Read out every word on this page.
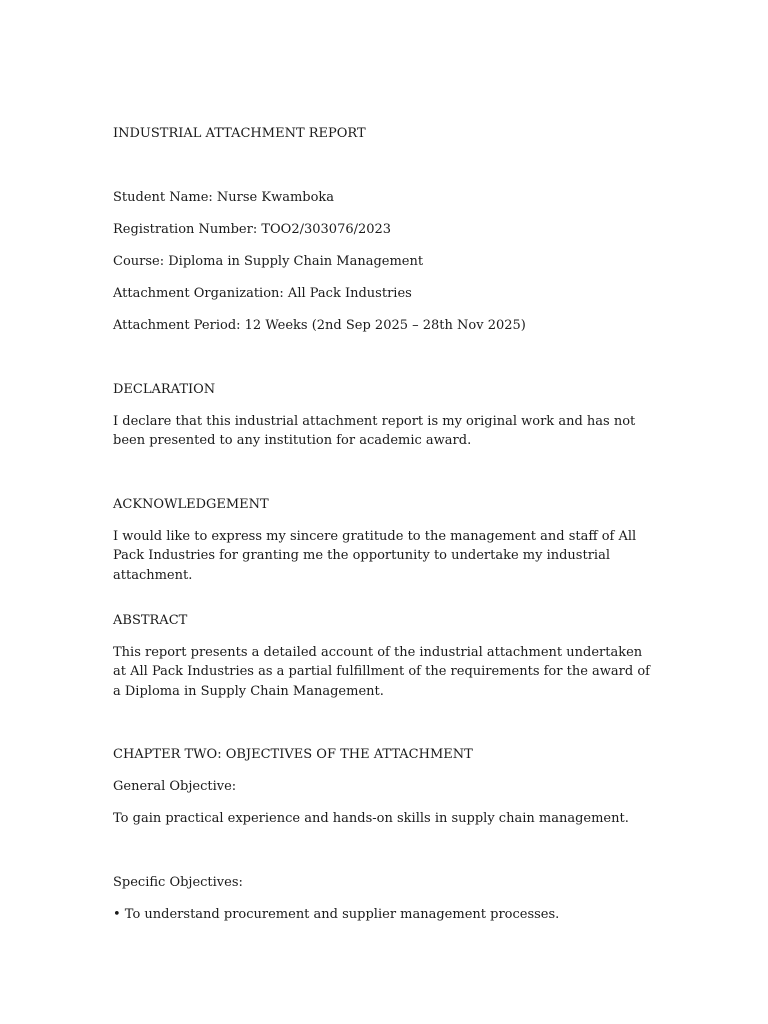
INDUSTRIAL ATTACHMENT REPORT
Student Name: Nurse Kwamboka
Registration Number: TOO2/303076/2023
Course: Diploma in Supply Chain Management
Attachment Organization: All Pack Industries
Attachment Period: 12 Weeks (2nd Sep 2025 – 28th Nov 2025)
DECLARATION
I declare that this industrial attachment report is my original work and has not been presented to any institution for academic award.
ACKNOWLEDGEMENT
I would like to express my sincere gratitude to the management and staff of All Pack Industries for granting me the opportunity to undertake my industrial attachment.
ABSTRACT
This report presents a detailed account of the industrial attachment undertaken at All Pack Industries as a partial fulfillment of the requirements for the award of a Diploma in Supply Chain Management.
CHAPTER TWO: OBJECTIVES OF THE ATTACHMENT
General Objective:
To gain practical experience and hands-on skills in supply chain management.
Specific Objectives:
• To understand procurement and supplier management processes.
